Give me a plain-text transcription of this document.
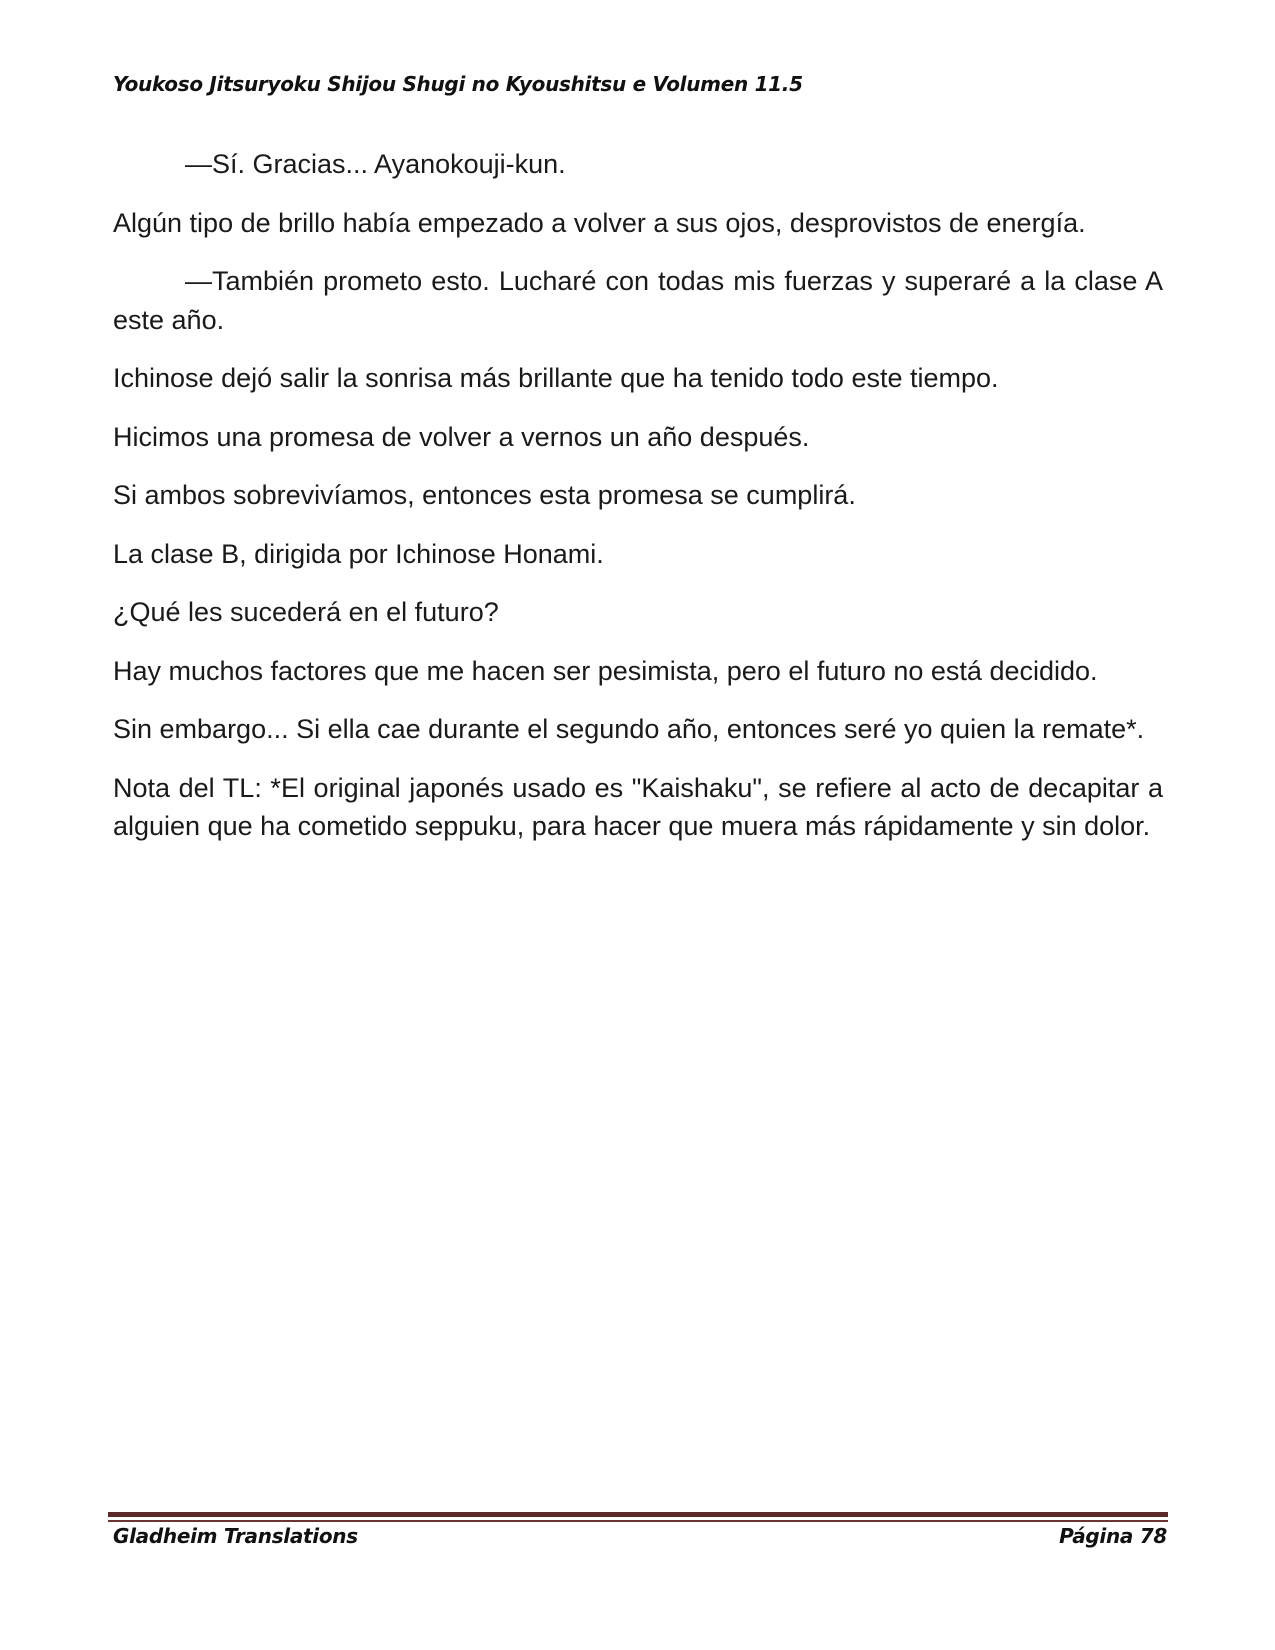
Youkoso Jitsuryoku Shijou Shugi no Kyoushitsu e Volumen 11.5

—Sí. Gracias... Ayanokouji-kun.

Algún tipo de brillo había empezado a volver a sus ojos, desprovistos de energía.

—También prometo esto. Lucharé con todas mis fuerzas y superaré a la clase A este año.

Ichinose dejó salir la sonrisa más brillante que ha tenido todo este tiempo.

Hicimos una promesa de volver a vernos un año después.

Si ambos sobrevivíamos, entonces esta promesa se cumplirá.

La clase B, dirigida por Ichinose Honami.

¿Qué les sucederá en el futuro?

Hay muchos factores que me hacen ser pesimista, pero el futuro no está decidido.

Sin embargo... Si ella cae durante el segundo año, entonces seré yo quien la remate*.

Nota del TL: *El original japonés usado es "Kaishaku", se refiere al acto de decapitar a alguien que ha cometido seppuku, para hacer que muera más rápidamente y sin dolor.

Gladheim Translations	Página 78
